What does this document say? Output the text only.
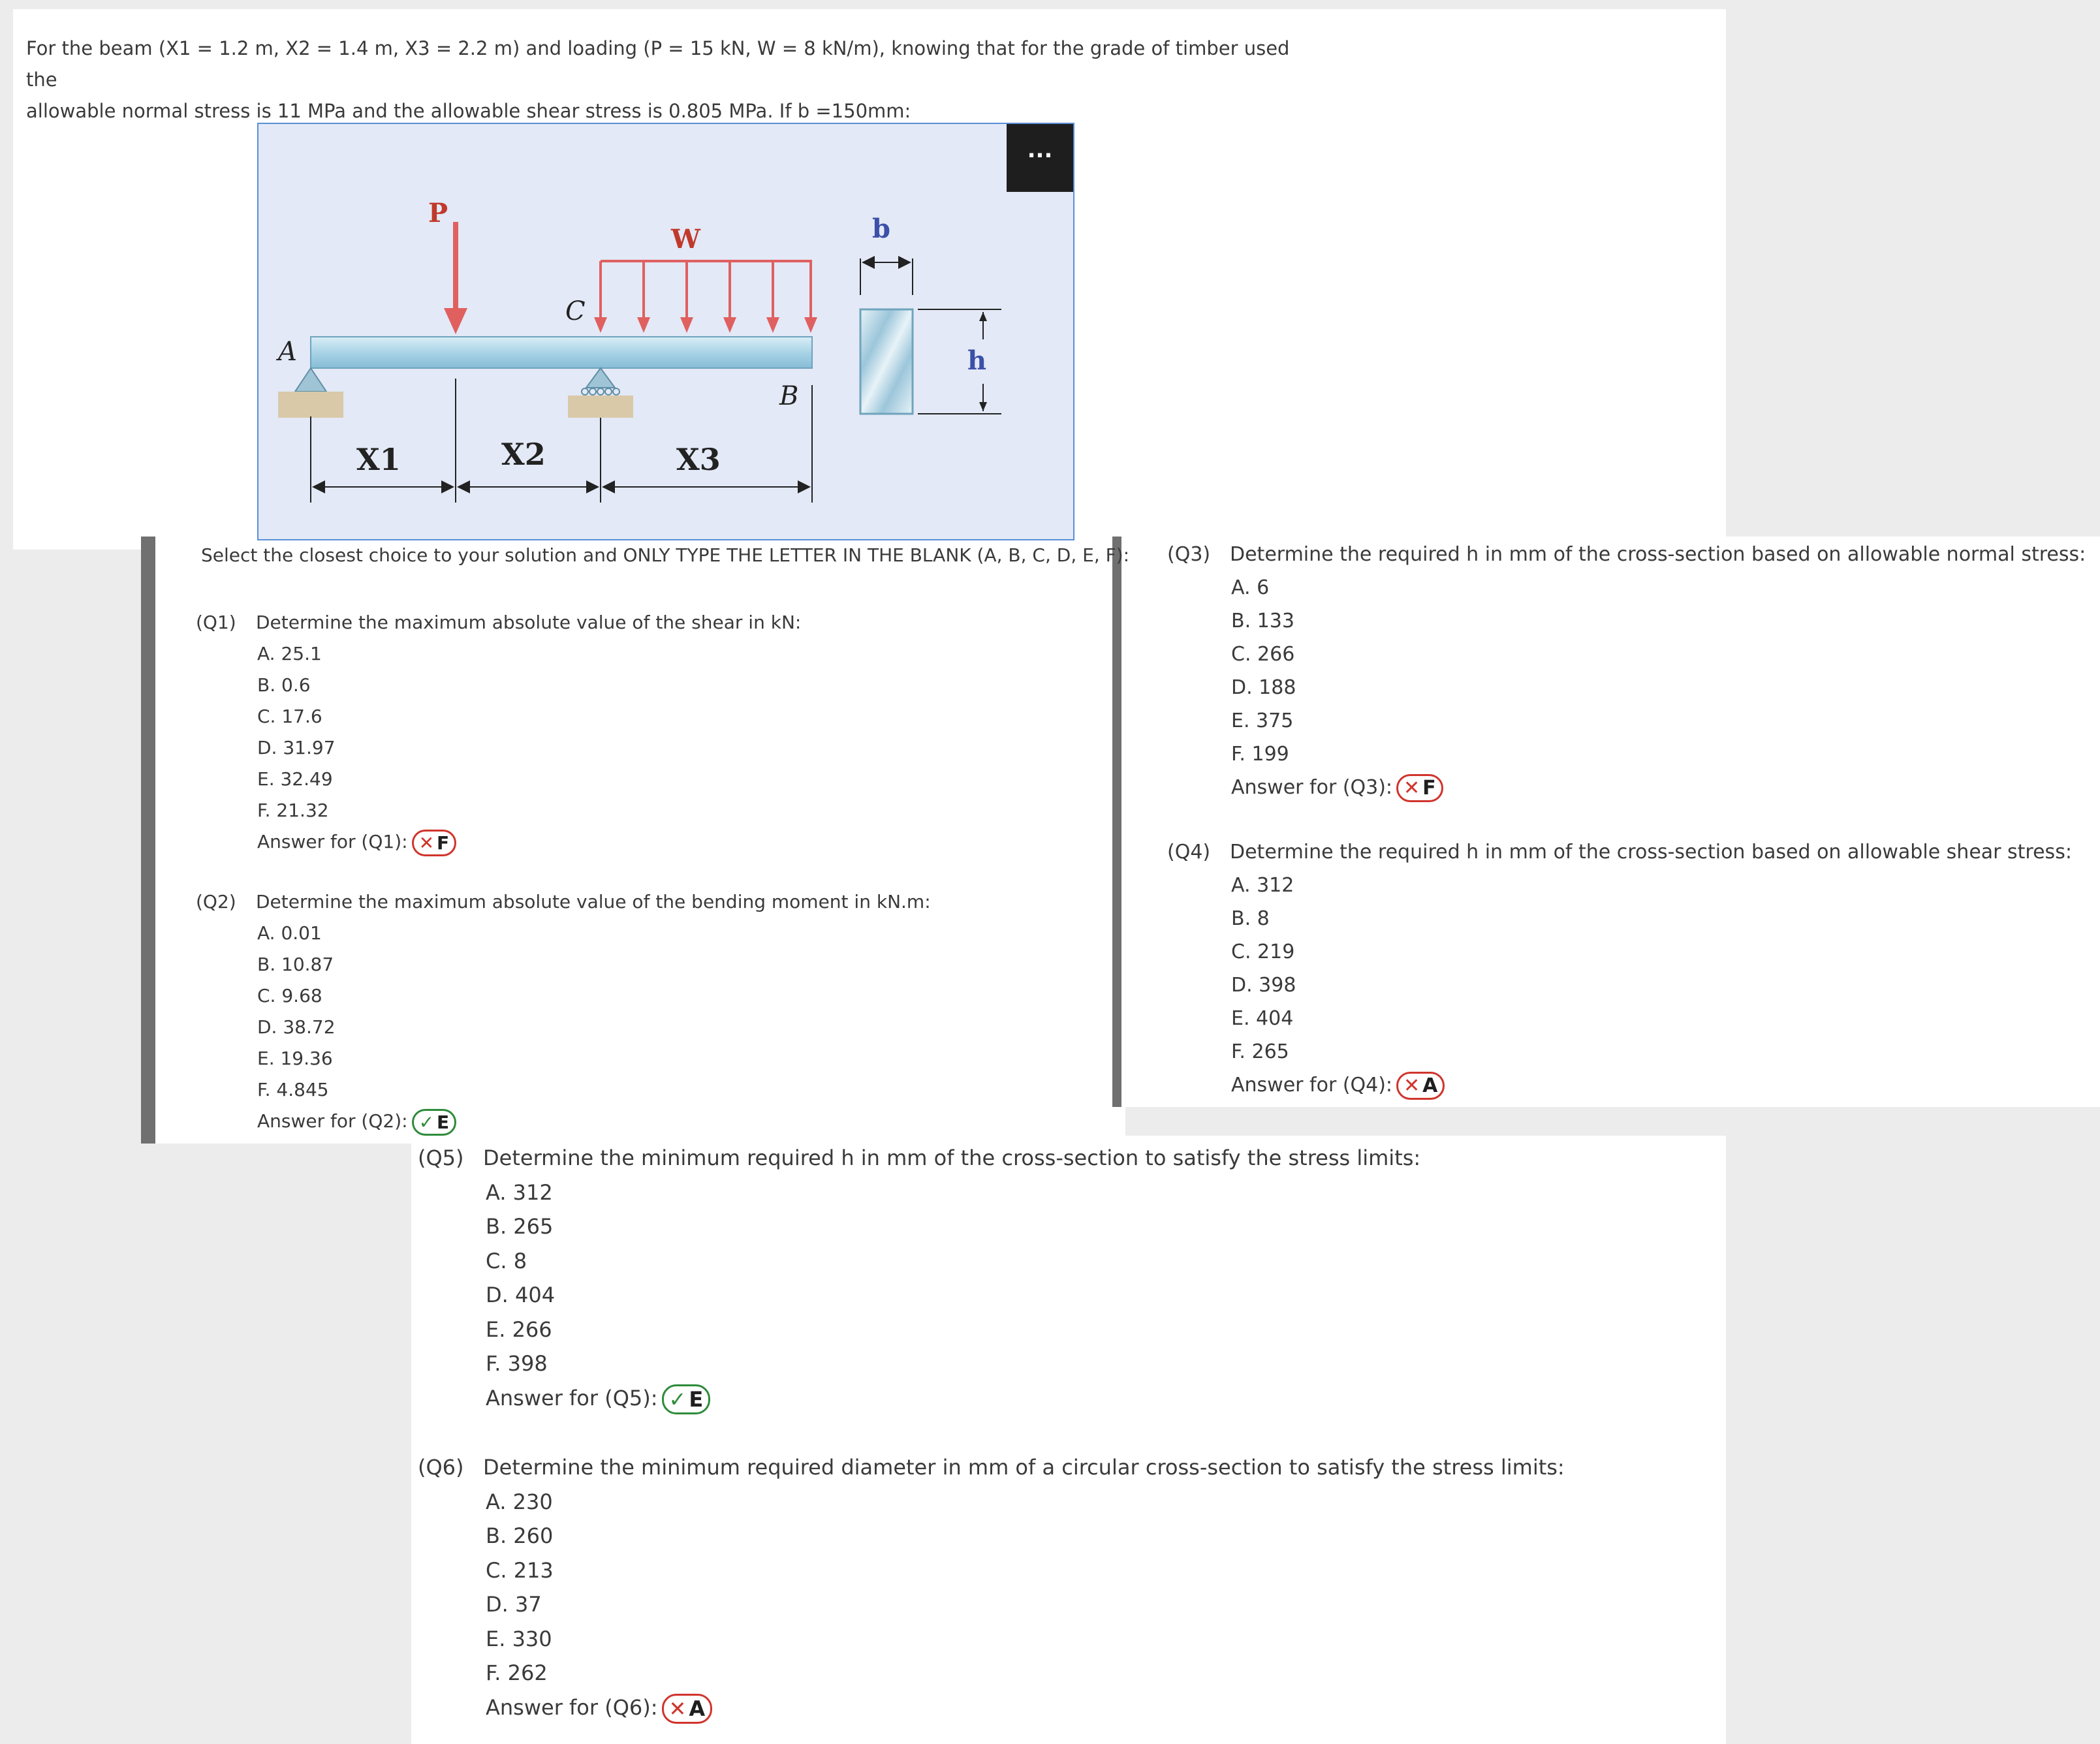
For the beam (X1 = 1.2 m, X2 = 1.4 m, X3 = 2.2 m) and loading (P = 15 kN, W = 8 kN/m), knowing that for the grade of timber used the
allowable normal stress is 11 MPa and the allowable shear stress is 0.805 MPa. If b =150mm:
...
P
W
A
C
B
b
h
X1	X2	X3
Select the closest choice to your solution and ONLY TYPE THE LETTER IN THE BLANK (A, B, C, D, E, F):
(Q1) Determine the maximum absolute value of the shear in kN:
A. 25.1
B. 0.6
C. 17.6
D. 31.97
E. 32.49
F. 21.32
Answer for (Q1): ✕ F
(Q2) Determine the maximum absolute value of the bending moment in kN.m:
A. 0.01
B. 10.87
C. 9.68
D. 38.72
E. 19.36
F. 4.845
Answer for (Q2): ✓ E
(Q3) Determine the required h in mm of the cross-section based on allowable normal stress:
A. 6
B. 133
C. 266
D. 188
E. 375
F. 199
Answer for (Q3): ✕ F
(Q4) Determine the required h in mm of the cross-section based on allowable shear stress:
A. 312
B. 8
C. 219
D. 398
E. 404
F. 265
Answer for (Q4): ✕ A
(Q5) Determine the minimum required h in mm of the cross-section to satisfy the stress limits:
A. 312
B. 265
C. 8
D. 404
E. 266
F. 398
Answer for (Q5): ✓ E
(Q6) Determine the minimum required diameter in mm of a circular cross-section to satisfy the stress limits:
A. 230
B. 260
C. 213
D. 37
E. 330
F. 262
Answer for (Q6): ✕ A
